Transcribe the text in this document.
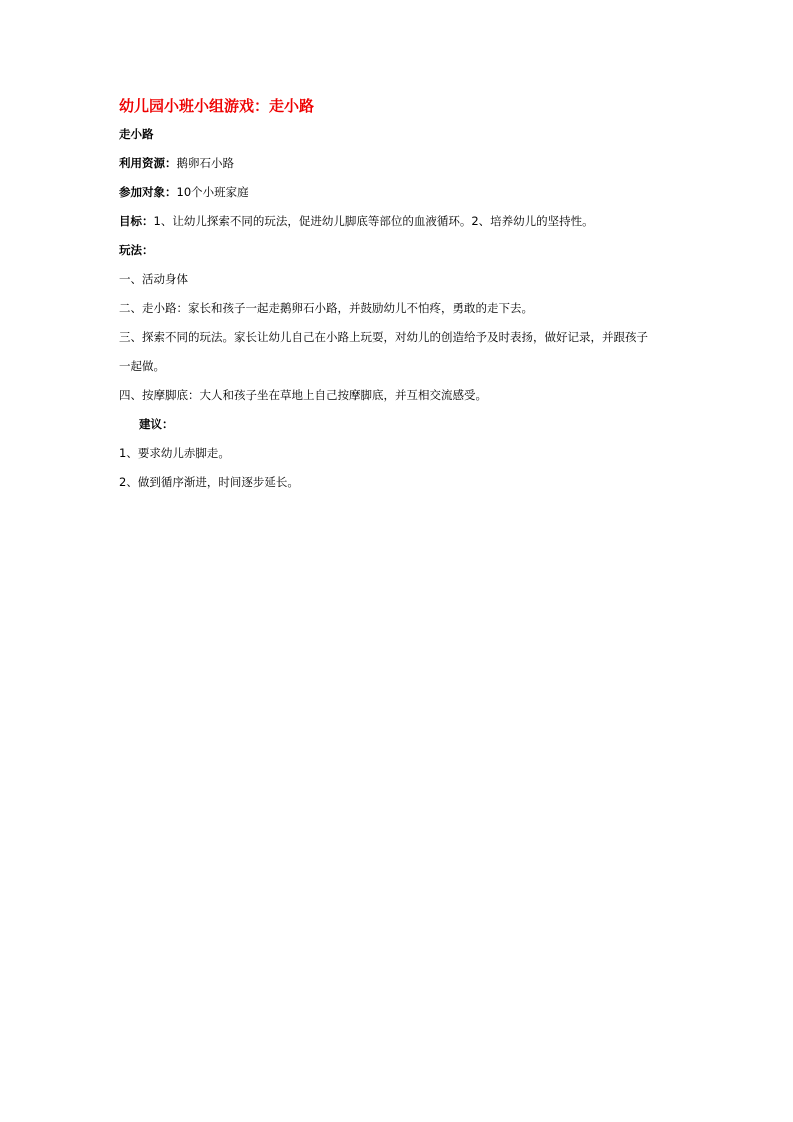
幼儿园小班小组游戏：走小路
走小路
利用资源：鹅卵石小路
参加对象：10个小班家庭
目标：1、让幼儿探索不同的玩法，促进幼儿脚底等部位的血液循环。2、培养幼儿的坚持性。
玩法：
一、活动身体
二、走小路：家长和孩子一起走鹅卵石小路，并鼓励幼儿不怕疼，勇敢的走下去。
三、探索不同的玩法。家长让幼儿自己在小路上玩耍，对幼儿的创造给予及时表扬，做好记录，并跟孩子
一起做。
四、按摩脚底：大人和孩子坐在草地上自己按摩脚底，并互相交流感受。
建议：
1、要求幼儿赤脚走。
2、做到循序渐进，时间逐步延长。
